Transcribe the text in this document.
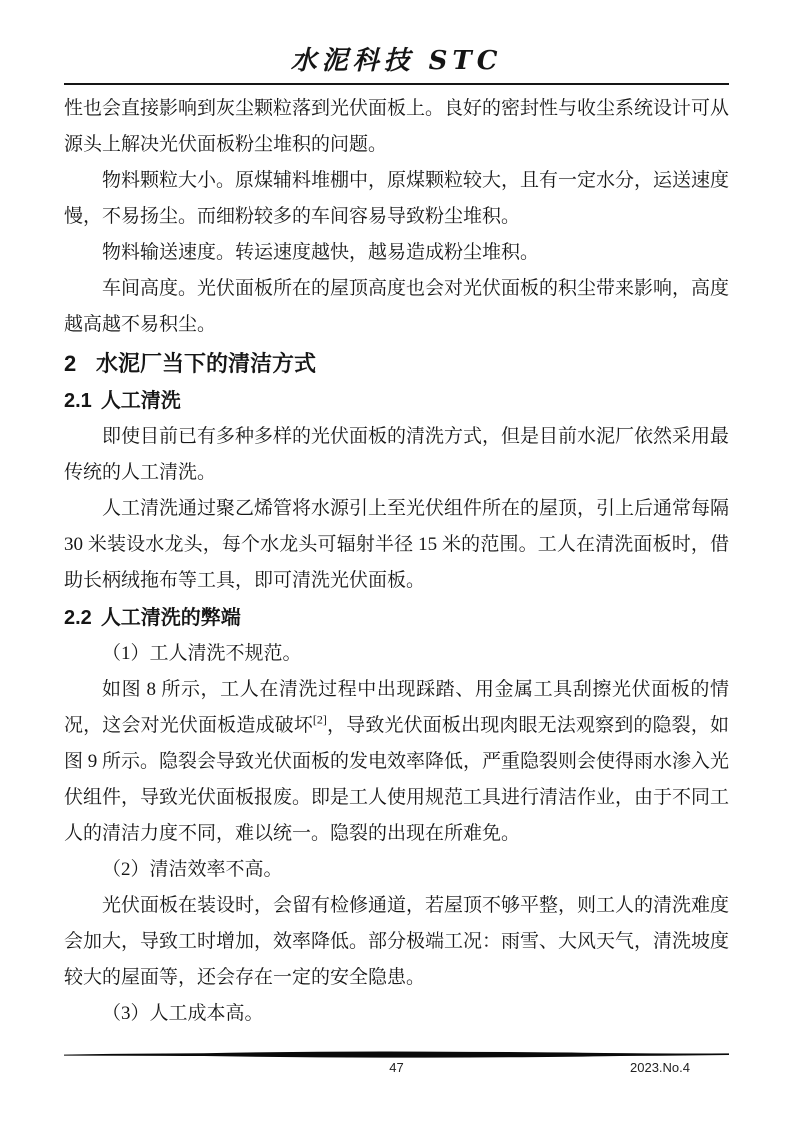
水泥科技 STC

性也会直接影响到灰尘颗粒落到光伏面板上。良好的密封性与收尘系统设计可从源头上解决光伏面板粉尘堆积的问题。

物料颗粒大小。原煤辅料堆棚中，原煤颗粒较大，且有一定水分，运送速度慢，不易扬尘。而细粉较多的车间容易导致粉尘堆积。

物料输送速度。转运速度越快，越易造成粉尘堆积。

车间高度。光伏面板所在的屋顶高度也会对光伏面板的积尘带来影响，高度越高越不易积尘。

2 水泥厂当下的清洁方式
2.1 人工清洗

即使目前已有多种多样的光伏面板的清洗方式，但是目前水泥厂依然采用最传统的人工清洗。

人工清洗通过聚乙烯管将水源引上至光伏组件所在的屋顶，引上后通常每隔 30 米装设水龙头，每个水龙头可辐射半径 15 米的范围。工人在清洗面板时，借助长柄绒拖布等工具，即可清洗光伏面板。

2.2 人工清洗的弊端

（1）工人清洗不规范。

如图 8 所示，工人在清洗过程中出现踩踏、用金属工具刮擦光伏面板的情况，这会对光伏面板造成破坏[2]，导致光伏面板出现肉眼无法观察到的隐裂，如图 9 所示。隐裂会导致光伏面板的发电效率降低，严重隐裂则会使得雨水渗入光伏组件，导致光伏面板报废。即是工人使用规范工具进行清洁作业，由于不同工人的清洁力度不同，难以统一。隐裂的出现在所难免。

（2）清洁效率不高。

光伏面板在装设时，会留有检修通道，若屋顶不够平整，则工人的清洗难度会加大，导致工时增加，效率降低。部分极端工况：雨雪、大风天气，清洗坡度较大的屋面等，还会存在一定的安全隐患。

（3）人工成本高。

47	2023.No.4
